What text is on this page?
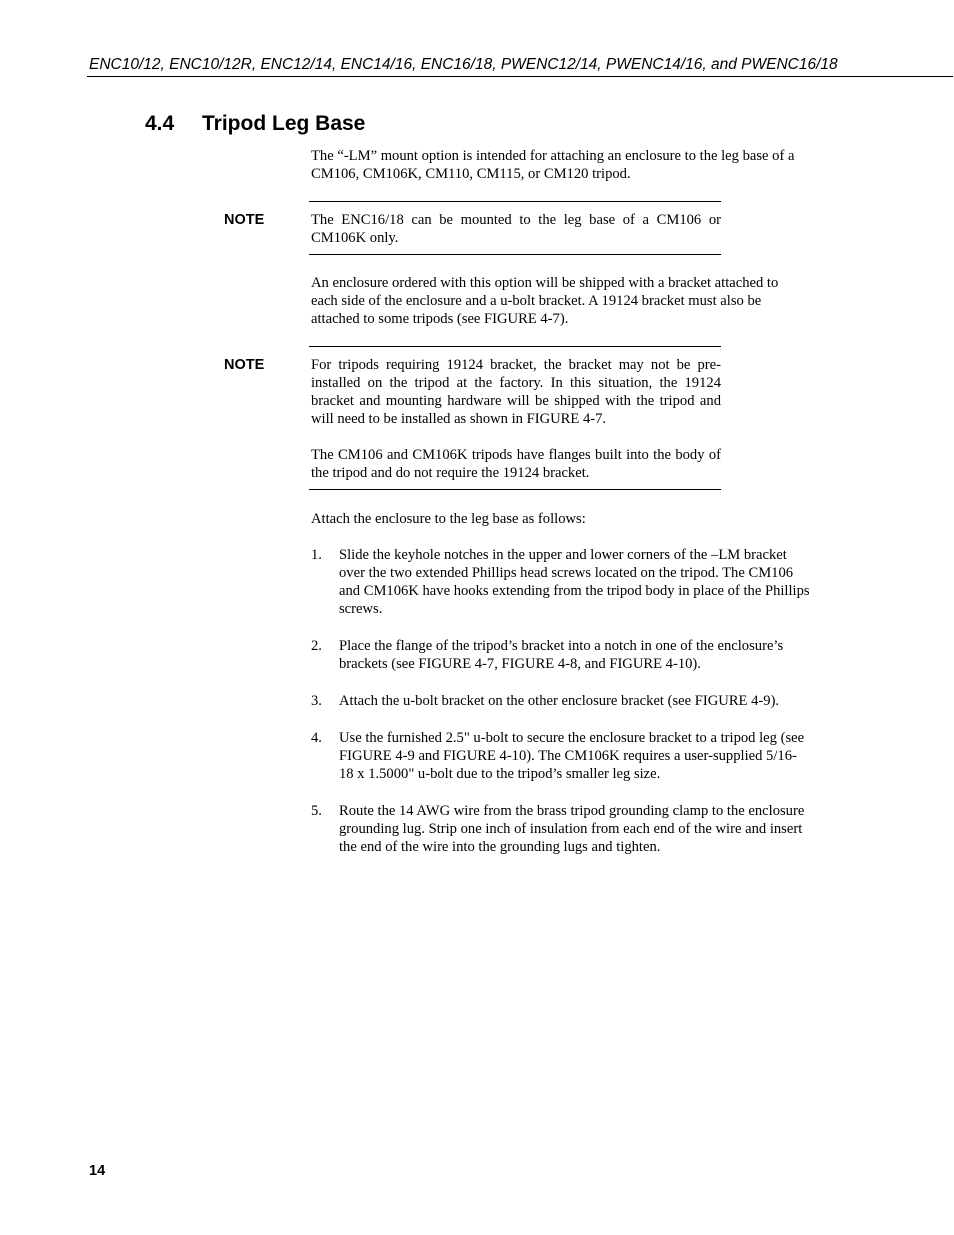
ENC10/12, ENC10/12R, ENC12/14, ENC14/16, ENC16/18, PWENC12/14, PWENC14/16, and PWENC16/18
4.4 Tripod Leg Base

The “-LM” mount option is intended for attaching an enclosure to the leg base of a CM106, CM106K, CM110, CM115, or CM120 tripod.

NOTE	The ENC16/18 can be mounted to the leg base of a CM106 or CM106K only.

An enclosure ordered with this option will be shipped with a bracket attached to each side of the enclosure and a u-bolt bracket. A 19124 bracket must also be attached to some tripods (see FIGURE 4-7).

NOTE	For tripods requiring 19124 bracket, the bracket may not be pre-installed on the tripod at the factory. In this situation, the 19124 bracket and mounting hardware will be shipped with the tripod and will need to be installed as shown in FIGURE 4-7.

The CM106 and CM106K tripods have flanges built into the body of the tripod and do not require the 19124 bracket.

Attach the enclosure to the leg base as follows:

1. Slide the keyhole notches in the upper and lower corners of the –LM bracket over the two extended Phillips head screws located on the tripod. The CM106 and CM106K have hooks extending from the tripod body in place of the Phillips screws.
2. Place the flange of the tripod’s bracket into a notch in one of the enclosure’s brackets (see FIGURE 4-7, FIGURE 4-8, and FIGURE 4-10).
3. Attach the u-bolt bracket on the other enclosure bracket (see FIGURE 4-9).
4. Use the furnished 2.5" u-bolt to secure the enclosure bracket to a tripod leg (see FIGURE 4-9 and FIGURE 4-10). The CM106K requires a user-supplied 5/16-18 x 1.5000" u-bolt due to the tripod’s smaller leg size.
5. Route the 14 AWG wire from the brass tripod grounding clamp to the enclosure grounding lug. Strip one inch of insulation from each end of the wire and insert the end of the wire into the grounding lugs and tighten.
14
